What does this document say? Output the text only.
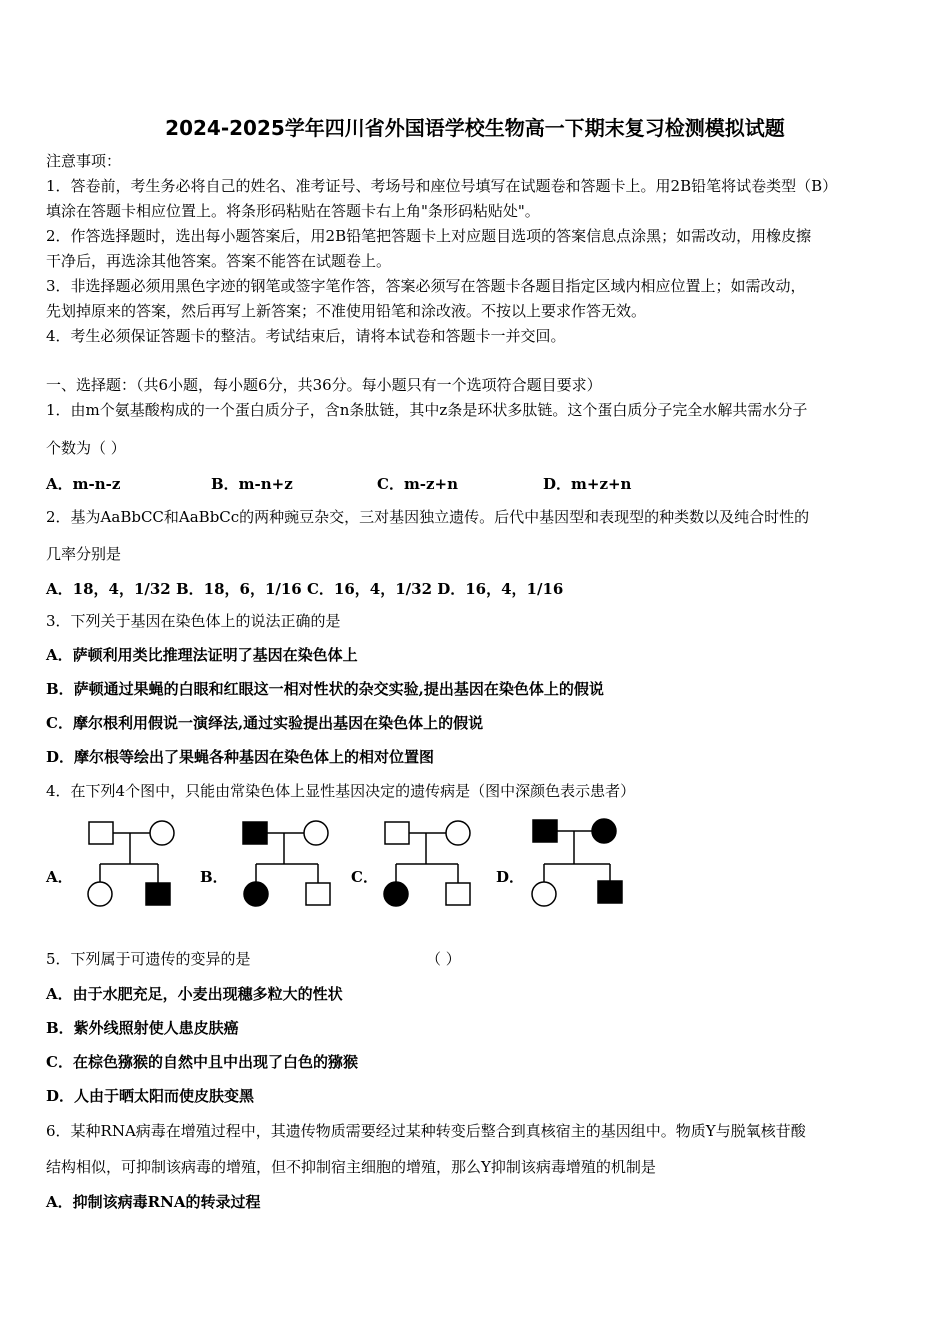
2024-2025学年四川省外国语学校生物高一下期末复习检测模拟试题
注意事项：
1．答卷前，考生务必将自己的姓名、准考证号、考场号和座位号填写在试题卷和答题卡上。用2B铅笔将试卷类型（B）
填涂在答题卡相应位置上。将条形码粘贴在答题卡右上角"条形码粘贴处"。
2．作答选择题时，选出每小题答案后，用2B铅笔把答题卡上对应题目选项的答案信息点涂黑；如需改动，用橡皮擦
干净后，再选涂其他答案。答案不能答在试题卷上。
3．非选择题必须用黑色字迹的钢笔或签字笔作答，答案必须写在答题卡各题目指定区域内相应位置上；如需改动，
先划掉原来的答案，然后再写上新答案；不准使用铅笔和涂改液。不按以上要求作答无效。
4．考生必须保证答题卡的整洁。考试结束后，请将本试卷和答题卡一并交回。
一、选择题：（共6小题，每小题6分，共36分。每小题只有一个选项符合题目要求）
1．由m个氨基酸构成的一个蛋白质分子，含n条肽链，其中z条是环状多肽链。这个蛋白质分子完全水解共需水分子
个数为（ ）
A．m-n-z	B．m-n+z	C．m-z+n	D．m+z+n
2．基为AaBbCC和AaBbCc的两种豌豆杂交，三对基因独立遗传。后代中基因型和表现型的种类数以及纯合时性的
几率分别是
A．18，4，1/32 B．18，6，1/16 C．16，4，1/32 D．16，4，1/16
3．下列关于基因在染色体上的说法正确的是
A．萨顿利用类比推理法证明了基因在染色体上
B．萨顿通过果蝇的白眼和红眼这一相对性状的杂交实验,提出基因在染色体上的假说
C．摩尔根利用假说一演绎法,通过实验提出基因在染色体上的假说
D．摩尔根等绘出了果蝇各种基因在染色体上的相对位置图
4．在下列4个图中，只能由常染色体上显性基因决定的遗传病是（图中深颜色表示患者）
A．	B．	C．	D．
5．下列属于可遗传的变异的是	（ ）
A．由于水肥充足，小麦出现穗多粒大的性状
B．紫外线照射使人患皮肤癌
C．在棕色猕猴的自然中且中出现了白色的猕猴
D．人由于晒太阳而使皮肤变黑
6．某种RNA病毒在增殖过程中，其遗传物质需要经过某种转变后整合到真核宿主的基因组中。物质Y与脱氧核苷酸
结构相似，可抑制该病毒的增殖，但不抑制宿主细胞的增殖，那么Y抑制该病毒增殖的机制是
A．抑制该病毒RNA的转录过程
